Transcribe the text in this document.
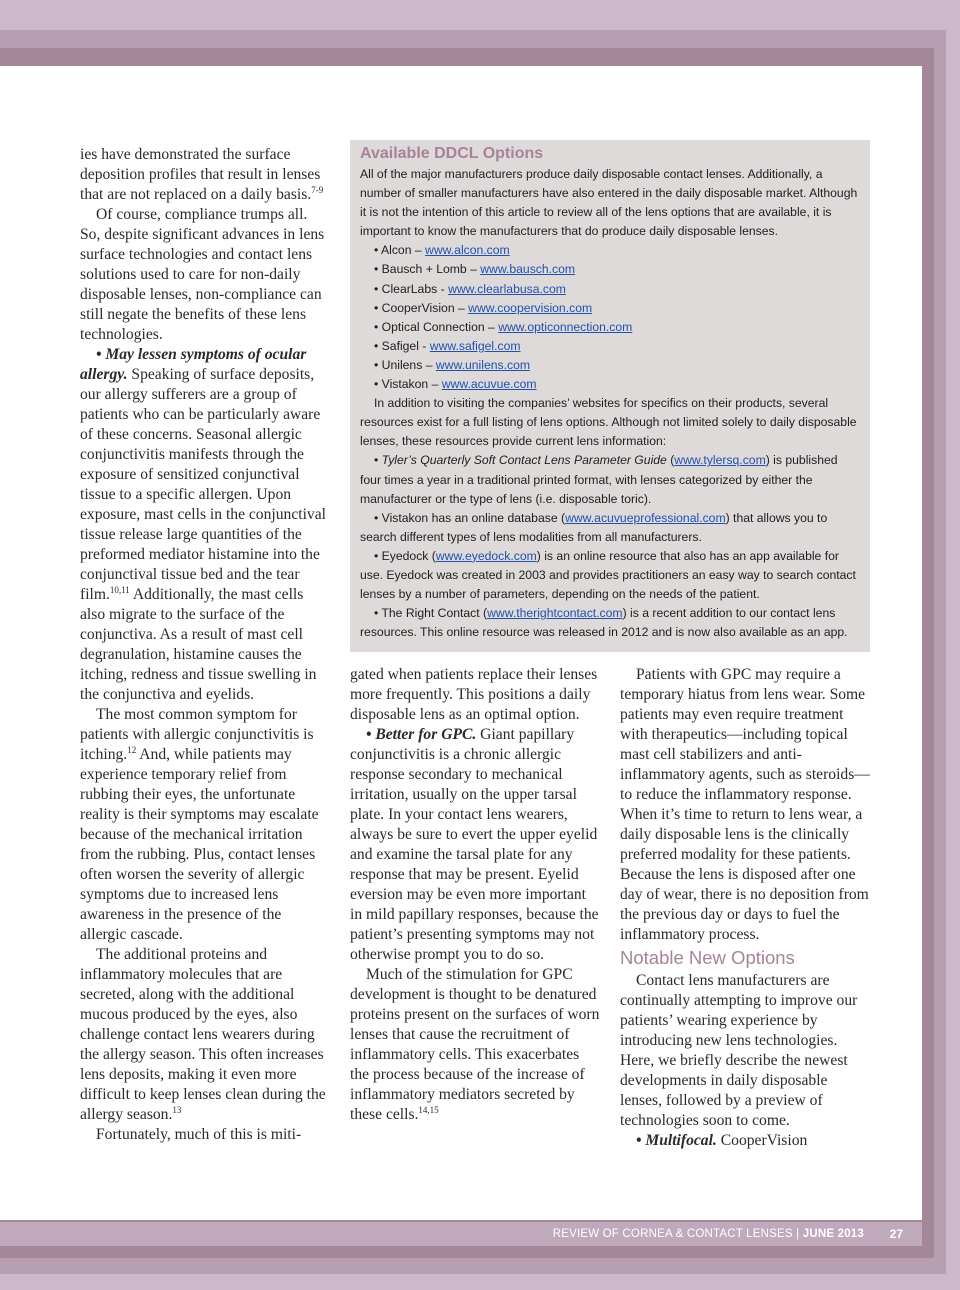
ies have demonstrated the surface deposition profiles that result in lenses that are not replaced on a daily basis.$^{7-9}$

Of course, compliance trumps all. So, despite significant advances in lens surface technologies and contact lens solutions used to care for non-daily disposable lenses, non-compliance can still negate the benefits of these lens technologies.

• May lessen symptoms of ocular allergy. Speaking of surface deposits, our allergy sufferers are a group of patients who can be particularly aware of these concerns. Seasonal allergic conjunctivitis manifests through the exposure of sensitized conjunctival tissue to a specific allergen. Upon exposure, mast cells in the conjunctival tissue release large quantities of the preformed mediator histamine into the conjunctival tissue bed and the tear film.$^{10,11}$ Additionally, the mast cells also migrate to the surface of the conjunctiva. As a result of mast cell degranulation, histamine causes the itching, redness and tissue swelling in the conjunctiva and eyelids.

The most common symptom for patients with allergic conjunctivitis is itching.$^{12}$ And, while patients may experience temporary relief from rubbing their eyes, the unfortunate reality is their symptoms may escalate because of the mechanical irritation from the rubbing. Plus, contact lenses often worsen the severity of allergic symptoms due to increased lens awareness in the presence of the allergic cascade.

The additional proteins and inflammatory molecules that are secreted, along with the additional mucous produced by the eyes, also challenge contact lens wearers during the allergy season. This often increases lens deposits, making it even more difficult to keep lenses clean during the allergy season.$^{13}$

Fortunately, much of this is miti-

Available DDCL Options

All of the major manufacturers produce daily disposable contact lenses. Additionally, a number of smaller manufacturers have also entered in the daily disposable market. Although it is not the intention of this article to review all of the lens options that are available, it is important to know the manufacturers that do produce daily disposable lenses.

• Alcon – www.alcon.com
• Bausch + Lomb – www.bausch.com
• ClearLabs - www.clearlabusa.com
• CooperVision – www.coopervision.com
• Optical Connection – www.opticonnection.com
• Safigel - www.safigel.com
• Unilens – www.unilens.com
• Vistakon – www.acuvue.com

In addition to visiting the companies’ websites for specifics on their products, several resources exist for a full listing of lens options. Although not limited solely to daily disposable lenses, these resources provide current lens information:

• Tyler’s Quarterly Soft Contact Lens Parameter Guide (www.tylersq.com) is published four times a year in a traditional printed format, with lenses categorized by either the manufacturer or the type of lens (i.e. disposable toric).

• Vistakon has an online database (www.acuvueprofessional.com) that allows you to search different types of lens modalities from all manufacturers.

• Eyedock (www.eyedock.com) is an online resource that also has an app available for use. Eyedock was created in 2003 and provides practitioners an easy way to search contact lenses by a number of parameters, depending on the needs of the patient.

• The Right Contact (www.therightcontact.com) is a recent addition to our contact lens resources. This online resource was released in 2012 and is now also available as an app.

gated when patients replace their lenses more frequently. This positions a daily disposable lens as an optimal option.

• Better for GPC. Giant papillary conjunctivitis is a chronic allergic response secondary to mechanical irritation, usually on the upper tarsal plate. In your contact lens wearers, always be sure to evert the upper eyelid and examine the tarsal plate for any response that may be present. Eyelid eversion may be even more important in mild papillary responses, because the patient’s presenting symptoms may not otherwise prompt you to do so.

Much of the stimulation for GPC development is thought to be denatured proteins present on the surfaces of worn lenses that cause the recruitment of inflammatory cells. This exacerbates the process because of the increase of inflammatory mediators secreted by these cells.$^{14,15}$

Patients with GPC may require a temporary hiatus from lens wear. Some patients may even require treatment with therapeutics—including topical mast cell stabilizers and anti-inflammatory agents, such as steroids—to reduce the inflammatory response. When it’s time to return to lens wear, a daily disposable lens is the clinically preferred modality for these patients. Because the lens is disposed after one day of wear, there is no deposition from the previous day or days to fuel the inflammatory process.

Notable New Options

Contact lens manufacturers are continually attempting to improve our patients’ wearing experience by introducing new lens technologies. Here, we briefly describe the newest developments in daily disposable lenses, followed by a preview of technologies soon to come.

• Multifocal. CooperVision

REVIEW OF CORNEA & CONTACT LENSES | JUNE 2013 27
